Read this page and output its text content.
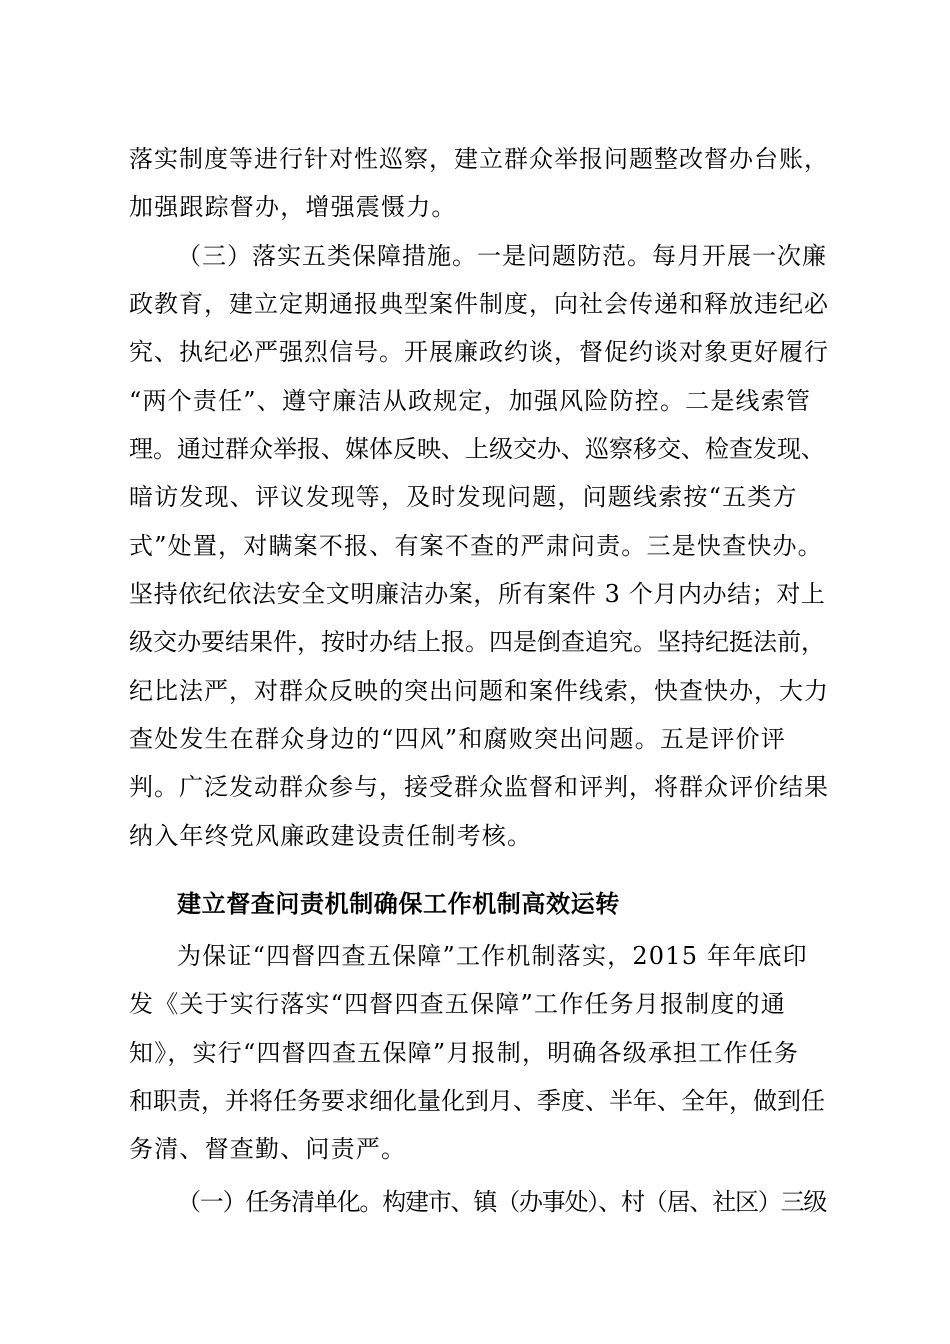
落实制度等进行针对性巡察，建立群众举报问题整改督办台账，
加强跟踪督办，增强震慑力。
（三）落实五类保障措施。一是问题防范。每月开展一次廉
政教育，建立定期通报典型案件制度，向社会传递和释放违纪必
究、执纪必严强烈信号。开展廉政约谈，督促约谈对象更好履行
“两个责任”、遵守廉洁从政规定，加强风险防控。二是线索管
理。通过群众举报、媒体反映、上级交办、巡察移交、检查发现、
暗访发现、评议发现等，及时发现问题，问题线索按“五类方
式”处置，对瞒案不报、有案不查的严肃问责。三是快查快办。
坚持依纪依法安全文明廉洁办案，所有案件 3 个月内办结；对上
级交办要结果件，按时办结上报。四是倒查追究。坚持纪挺法前，
纪比法严，对群众反映的突出问题和案件线索，快查快办，大力
查处发生在群众身边的“四风”和腐败突出问题。五是评价评
判。广泛发动群众参与，接受群众监督和评判，将群众评价结果
纳入年终党风廉政建设责任制考核。
建立督查问责机制确保工作机制高效运转
为保证“四督四查五保障”工作机制落实，2015 年年底印
发《关于实行落实“四督四查五保障”工作任务月报制度的通
知》，实行“四督四查五保障”月报制，明确各级承担工作任务
和职责，并将任务要求细化量化到月、季度、半年、全年，做到任
务清、督查勤、问责严。
（一）任务清单化。构建市、镇（办事处）、村（居、社区）三级
